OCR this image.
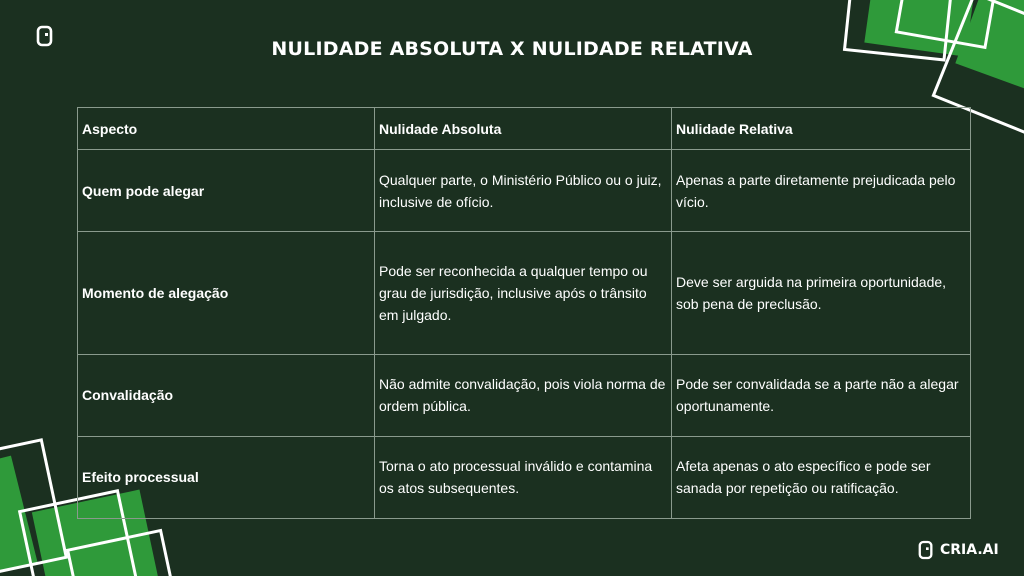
NULIDADE ABSOLUTA X NULIDADE RELATIVA
Aspecto	Nulidade Absoluta	Nulidade Relativa
Quem pode alegar	Qualquer parte, o Ministério Público ou o juiz, inclusive de ofício.	Apenas a parte diretamente prejudicada pelo vício.
Momento de alegação	Pode ser reconhecida a qualquer tempo ou grau de jurisdição, inclusive após o trânsito em julgado.	Deve ser arguida na primeira oportunidade, sob pena de preclusão.
Convalidação	Não admite convalidação, pois viola norma de ordem pública.	Pode ser convalidada se a parte não a alegar oportunamente.
Efeito processual	Torna o ato processual inválido e contamina os atos subsequentes.	Afeta apenas o ato específico e pode ser sanada por repetição ou ratificação.
CRIA.AI
